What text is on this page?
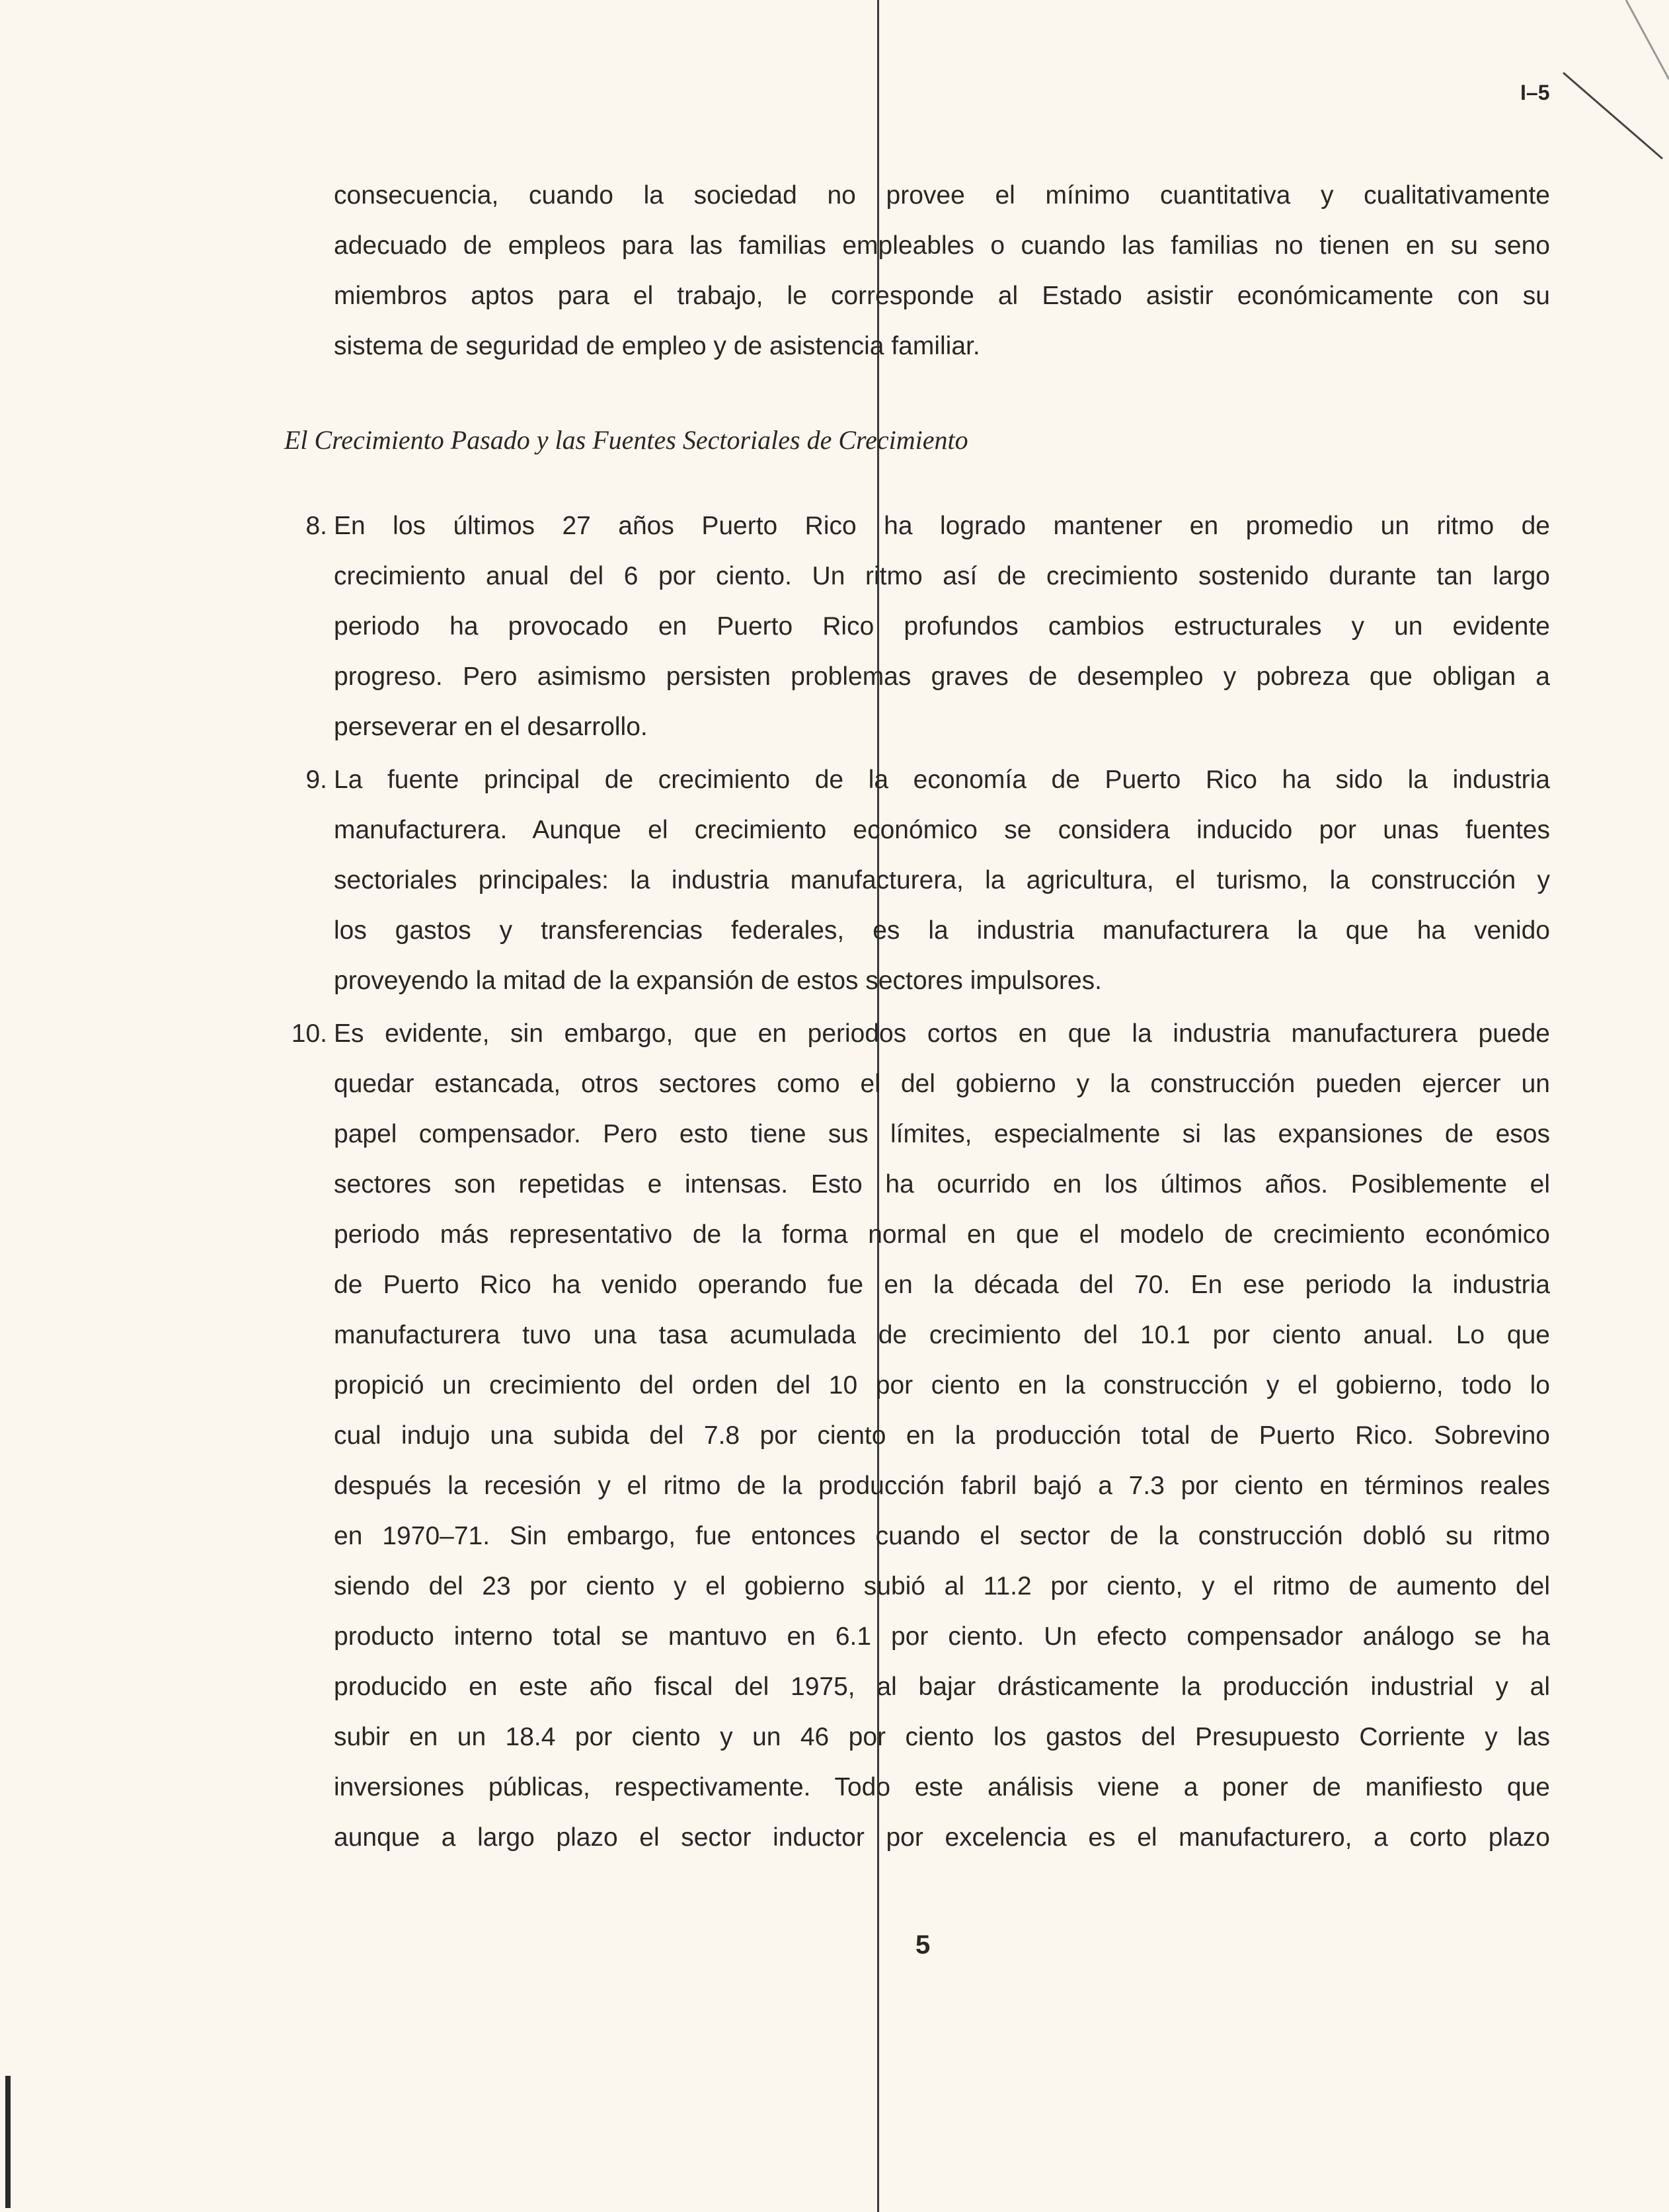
I–5
consecuencia, cuando la sociedad no provee el mínimo cuantitativa y cualitativamente
adecuado de empleos para las familias empleables o cuando las familias no tienen en su seno
miembros aptos para el trabajo, le corresponde al Estado asistir económicamente con su
sistema de seguridad de empleo y de asistencia familiar.
El Crecimiento Pasado y las Fuentes Sectoriales de Crecimiento
8. En los últimos 27 años Puerto Rico ha logrado mantener en promedio un ritmo de
crecimiento anual del 6 por ciento. Un ritmo así de crecimiento sostenido durante tan largo
periodo ha provocado en Puerto Rico profundos cambios estructurales y un evidente
progreso. Pero asimismo persisten problemas graves de desempleo y pobreza que obligan a
perseverar en el desarrollo.
9. La fuente principal de crecimiento de la economía de Puerto Rico ha sido la industria
manufacturera. Aunque el crecimiento económico se considera inducido por unas fuentes
sectoriales principales: la industria manufacturera, la agricultura, el turismo, la construcción y
los gastos y transferencias federales, es la industria manufacturera la que ha venido
proveyendo la mitad de la expansión de estos sectores impulsores.
10. Es evidente, sin embargo, que en periodos cortos en que la industria manufacturera puede
quedar estancada, otros sectores como el del gobierno y la construcción pueden ejercer un
papel compensador. Pero esto tiene sus límites, especialmente si las expansiones de esos
sectores son repetidas e intensas. Esto ha ocurrido en los últimos años. Posiblemente el
periodo más representativo de la forma normal en que el modelo de crecimiento económico
de Puerto Rico ha venido operando fue en la década del 70. En ese periodo la industria
manufacturera tuvo una tasa acumulada de crecimiento del 10.1 por ciento anual. Lo que
propició un crecimiento del orden del 10 por ciento en la construcción y el gobierno, todo lo
cual indujo una subida del 7.8 por ciento en la producción total de Puerto Rico. Sobrevino
después la recesión y el ritmo de la producción fabril bajó a 7.3 por ciento en términos reales
en 1970–71. Sin embargo, fue entonces cuando el sector de la construcción dobló su ritmo
siendo del 23 por ciento y el gobierno subió al 11.2 por ciento, y el ritmo de aumento del
producto interno total se mantuvo en 6.1 por ciento. Un efecto compensador análogo se ha
producido en este año fiscal del 1975, al bajar drásticamente la producción industrial y al
subir en un 18.4 por ciento y un 46 por ciento los gastos del Presupuesto Corriente y las
inversiones públicas, respectivamente. Todo este análisis viene a poner de manifiesto que
aunque a largo plazo el sector inductor por excelencia es el manufacturero, a corto plazo
5
